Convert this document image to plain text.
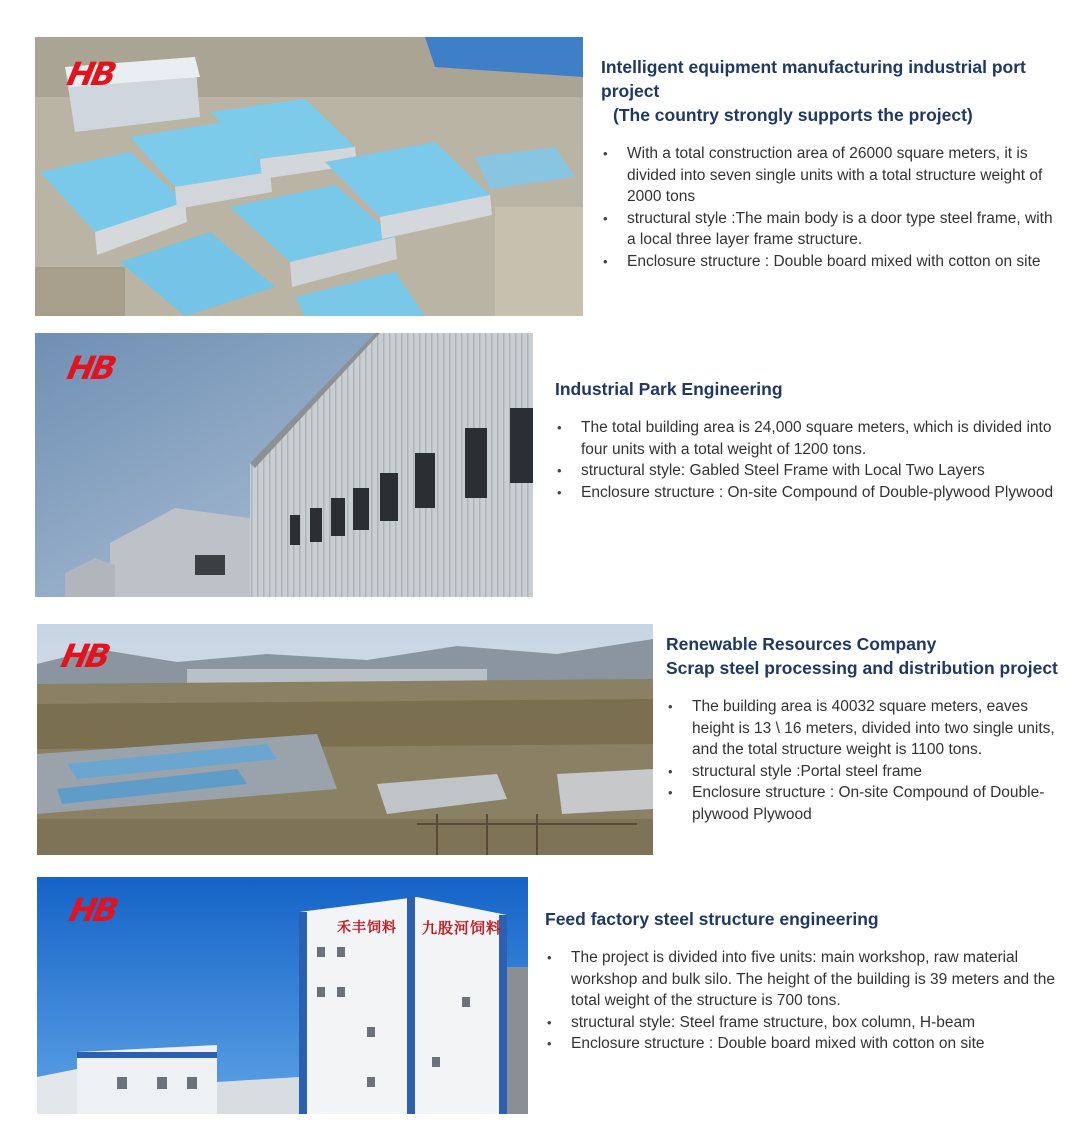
HB	Intelligent equipment manufacturing industrial port project
(The country strongly supports the project)
• With a total construction area of 26000 square meters, it is divided into seven single units with a total structure weight of 2000 tons
• structural style :The main body is a door type steel frame, with a local three layer frame structure.
• Enclosure structure : Double board mixed with cotton on site
HB
Industrial Park Engineering
• The total building area is 24,000 square meters, which is divided into four units with a total weight of 1200 tons.
• structural style: Gabled Steel Frame with Local Two Layers
• Enclosure structure : On-site Compound of Double-plywood Plywood
HB	Renewable Resources Company
Scrap steel processing and distribution project
• The building area is 40032 square meters, eaves height is 13 \ 16 meters, divided into two single units, and the total structure weight is 1100 tons.
• structural style :Portal steel frame
• Enclosure structure : On-site Compound of Double-plywood Plywood
禾丰饲料 九股河饲料
HB	Feed factory steel structure engineering
• The project is divided into five units: main workshop, raw material workshop and bulk silo. The height of the building is 39 meters and the total weight of the structure is 700 tons.
• structural style: Steel frame structure, box column, H-beam
• Enclosure structure : Double board mixed with cotton on site
